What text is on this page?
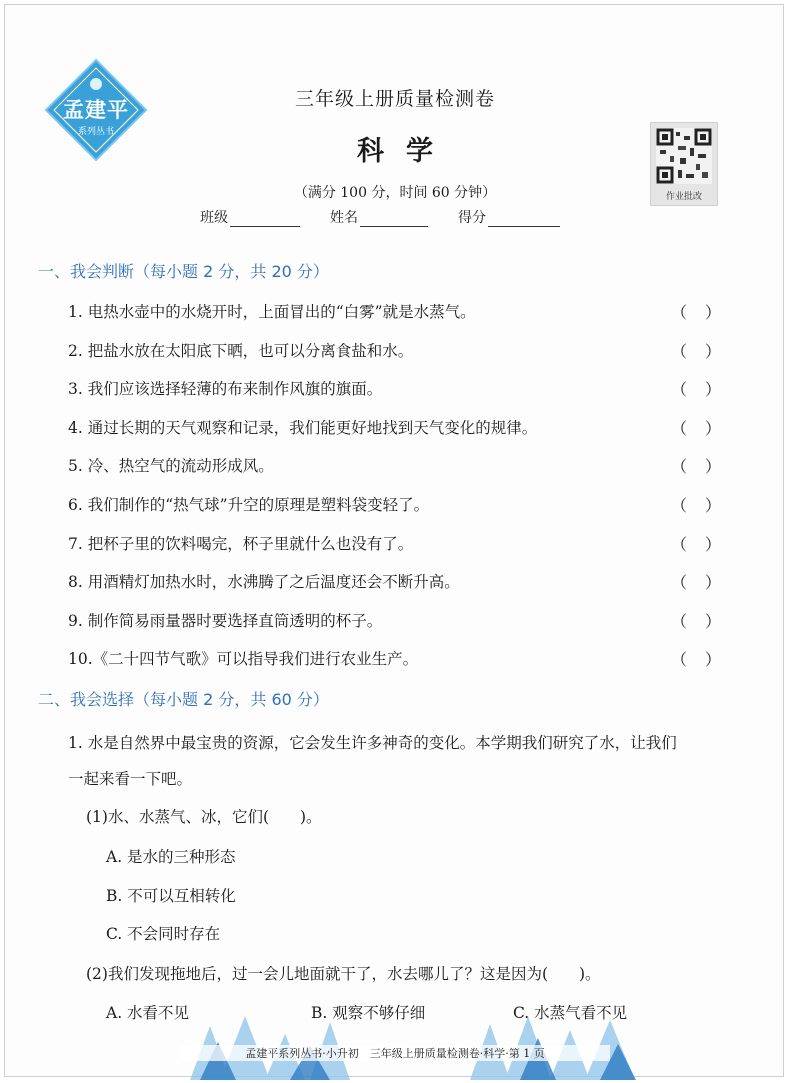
孟建平
系列丛书
三年级上册质量检测卷
科学
（满分 100 分，时间 60 分钟）	作业批改
班级	姓名	得分
一、我会判断（每小题 2 分，共 20 分）
1. 电热水壶中的水烧开时，上面冒出的“白雾”就是水蒸气。	（ ）
2. 把盐水放在太阳底下晒，也可以分离食盐和水。	（ ）
3. 我们应该选择轻薄的布来制作风旗的旗面。	（ ）
4. 通过长期的天气观察和记录，我们能更好地找到天气变化的规律。	（ ）
5. 冷、热空气的流动形成风。	（ ）
6. 我们制作的“热气球”升空的原理是塑料袋变轻了。	（ ）
7. 把杯子里的饮料喝完，杯子里就什么也没有了。	（ ）
8. 用酒精灯加热水时，水沸腾了之后温度还会不断升高。	（ ）
9. 制作简易雨量器时要选择直筒透明的杯子。	（ ）
10.《二十四节气歌》可以指导我们进行农业生产。	（ ）
二、我会选择（每小题 2 分，共 60 分）
1. 水是自然界中最宝贵的资源，它会发生许多神奇的变化。本学期我们研究了水，让我们
一起来看一下吧。
(1)水、水蒸气、冰，它们(　　)。
A. 是水的三种形态
B. 不可以互相转化
C. 不会同时存在
(2)我们发现拖地后，过一会儿地面就干了，水去哪儿了？这是因为(　　)。
A. 水看不见	B. 观察不够仔细	C. 水蒸气看不见
孟建平系列丛书·小升初　三年级上册质量检测卷·科学·第 1 页
